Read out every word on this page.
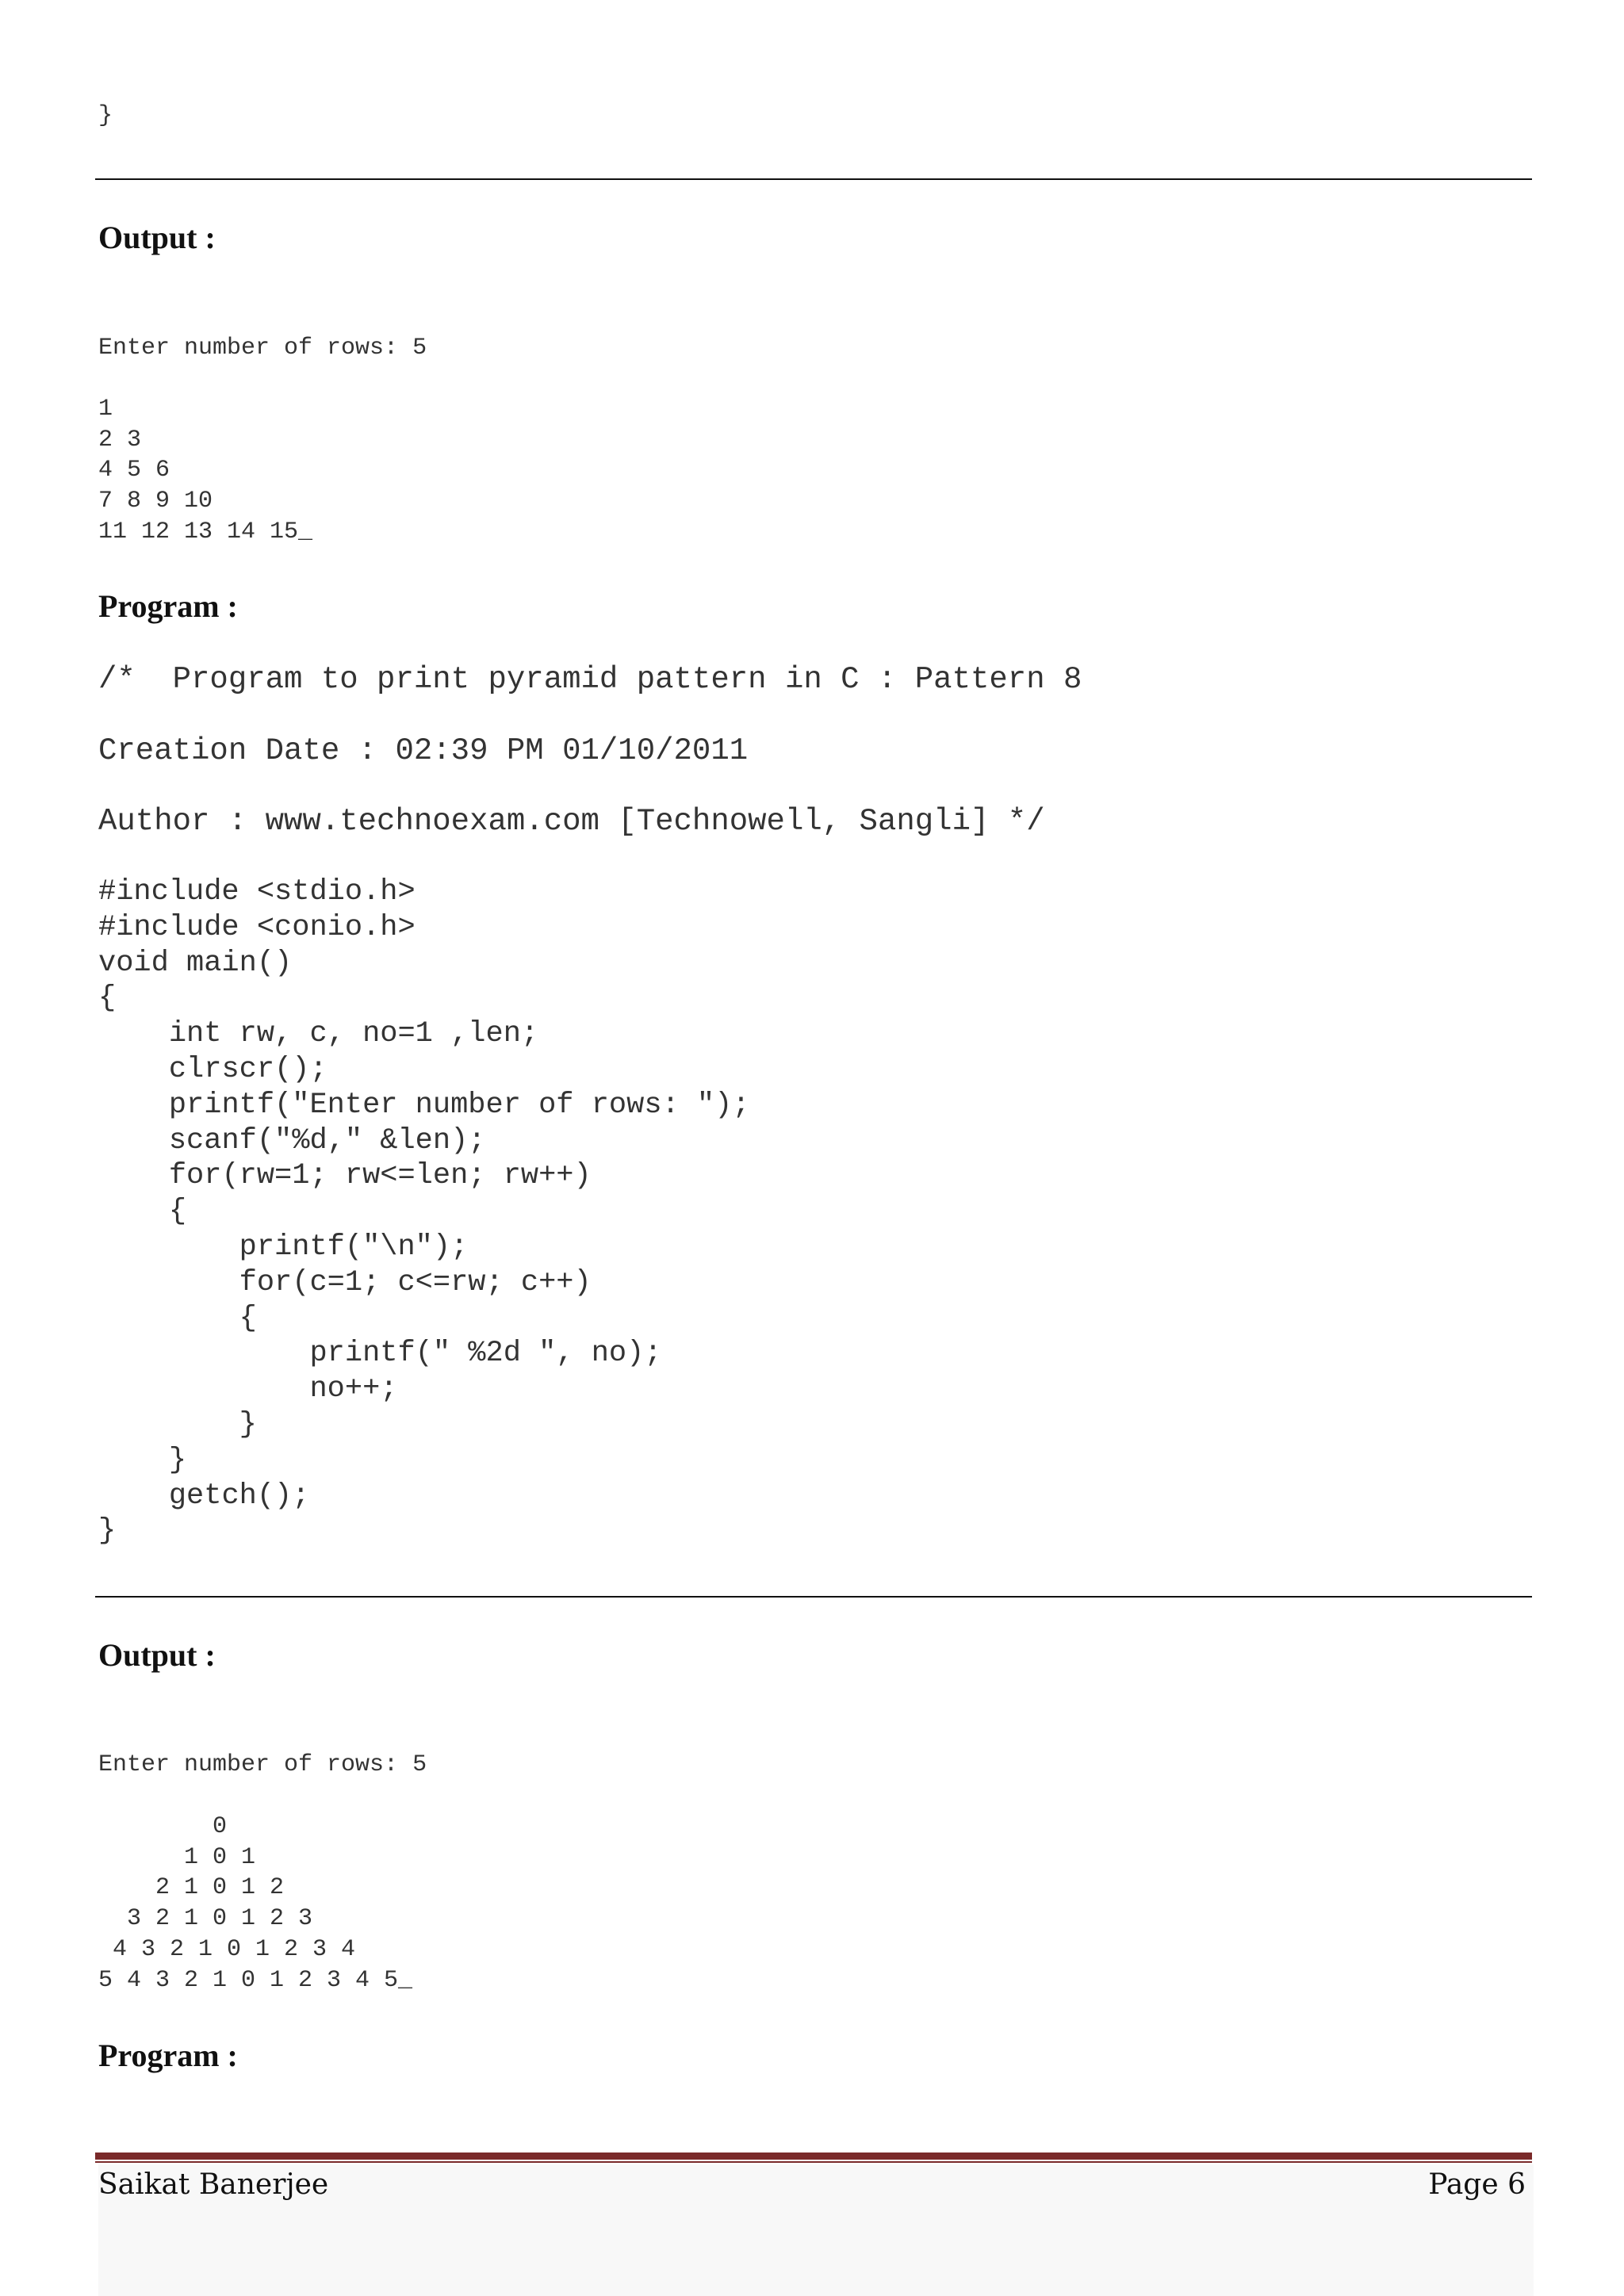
}
Output :
Enter number of rows: 5
1
2 3
4 5 6
7 8 9 10
11 12 13 14 15_
Program :
/*  Program to print pyramid pattern in C : Pattern 8
Creation Date : 02:39 PM 01/10/2011
Author : www.technoexam.com [Technowell, Sangli] */
#include <stdio.h>
#include <conio.h>
void main()
{
	int rw, c, no=1 ,len;
	clrscr();
	printf("Enter number of rows: ");
	scanf("%d," &len);
	for(rw=1; rw<=len; rw++)
	{
		printf("\n");
		for(c=1; c<=rw; c++)
		{
			printf(" %2d ", no);
			no++;
		}
	}
	getch();
}
Output :
Enter number of rows: 5
0
1 0 1
2 1 0 1 2
3 2 1 0 1 2 3
4 3 2 1 0 1 2 3 4
5 4 3 2 1 0 1 2 3 4 5_
Program :

Saikat Banerjee	Page 6
